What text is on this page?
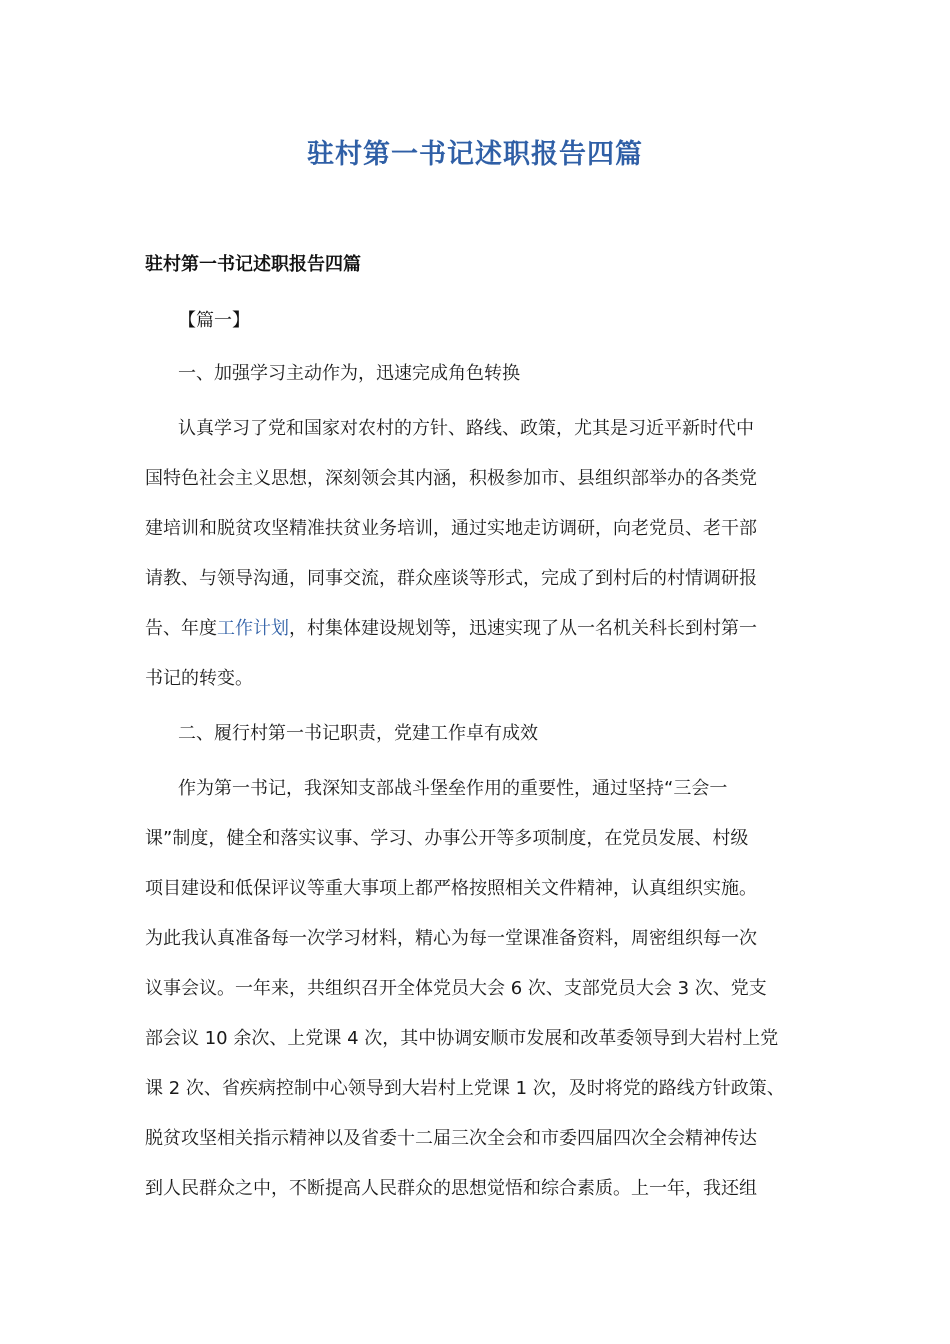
驻村第一书记述职报告四篇

驻村第一书记述职报告四篇

【篇一】

一、加强学习主动作为，迅速完成角色转换

认真学习了党和国家对农村的方针、路线、政策，尤其是习近平新时代中

国特色社会主义思想，深刻领会其内涵，积极参加市、县组织部举办的各类党

建培训和脱贫攻坚精准扶贫业务培训，通过实地走访调研，向老党员、老干部

请教、与领导沟通，同事交流，群众座谈等形式，完成了到村后的村情调研报

告、年度工作计划，村集体建设规划等，迅速实现了从一名机关科长到村第一

书记的转变。

二、履行村第一书记职责，党建工作卓有成效

作为第一书记，我深知支部战斗堡垒作用的重要性，通过坚持“三会一

课”制度，健全和落实议事、学习、办事公开等多项制度，在党员发展、村级

项目建设和低保评议等重大事项上都严格按照相关文件精神，认真组织实施。

为此我认真准备每一次学习材料，精心为每一堂课准备资料，周密组织每一次

议事会议。一年来，共组织召开全体党员大会 6 次、支部党员大会 3 次、党支

部会议 10 余次、上党课 4 次，其中协调安顺市发展和改革委领导到大岩村上党

课 2 次、省疾病控制中心领导到大岩村上党课 1 次，及时将党的路线方针政策、

脱贫攻坚相关指示精神以及省委十二届三次全会和市委四届四次全会精神传达

到人民群众之中，不断提高人民群众的思想觉悟和综合素质。上一年，我还组
